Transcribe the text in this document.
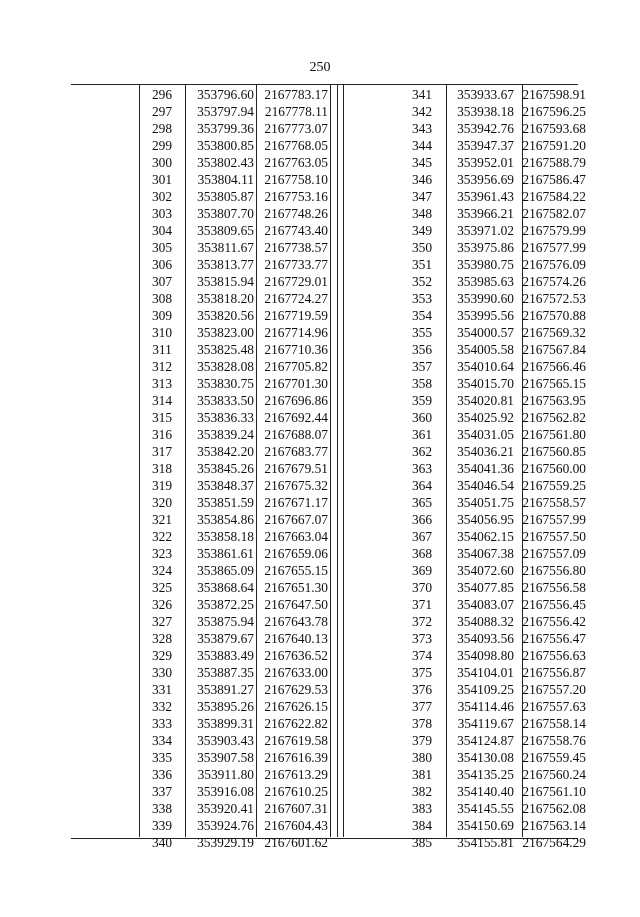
250
296	353796.60	2167783.17
297	353797.94	2167778.11
298	353799.36	2167773.07
299	353800.85	2167768.05
300	353802.43	2167763.05
301	353804.11	2167758.10
302	353805.87	2167753.16
303	353807.70	2167748.26
304	353809.65	2167743.40
305	353811.67	2167738.57
306	353813.77	2167733.77
307	353815.94	2167729.01
308	353818.20	2167724.27
309	353820.56	2167719.59
310	353823.00	2167714.96
311	353825.48	2167710.36
312	353828.08	2167705.82
313	353830.75	2167701.30
314	353833.50	2167696.86
315	353836.33	2167692.44
316	353839.24	2167688.07
317	353842.20	2167683.77
318	353845.26	2167679.51
319	353848.37	2167675.32
320	353851.59	2167671.17
321	353854.86	2167667.07
322	353858.18	2167663.04
323	353861.61	2167659.06
324	353865.09	2167655.15
325	353868.64	2167651.30
326	353872.25	2167647.50
327	353875.94	2167643.78
328	353879.67	2167640.13
329	353883.49	2167636.52
330	353887.35	2167633.00
331	353891.27	2167629.53
332	353895.26	2167626.15
333	353899.31	2167622.82
334	353903.43	2167619.58
335	353907.58	2167616.39
336	353911.80	2167613.29
337	353916.08	2167610.25
338	353920.41	2167607.31
339	353924.76	2167604.43
340	353929.19	2167601.62
341	353933.67	2167598.91
342	353938.18	2167596.25
343	353942.76	2167593.68
344	353947.37	2167591.20
345	353952.01	2167588.79
346	353956.69	2167586.47
347	353961.43	2167584.22
348	353966.21	2167582.07
349	353971.02	2167579.99
350	353975.86	2167577.99
351	353980.75	2167576.09
352	353985.63	2167574.26
353	353990.60	2167572.53
354	353995.56	2167570.88
355	354000.57	2167569.32
356	354005.58	2167567.84
357	354010.64	2167566.46
358	354015.70	2167565.15
359	354020.81	2167563.95
360	354025.92	2167562.82
361	354031.05	2167561.80
362	354036.21	2167560.85
363	354041.36	2167560.00
364	354046.54	2167559.25
365	354051.75	2167558.57
366	354056.95	2167557.99
367	354062.15	2167557.50
368	354067.38	2167557.09
369	354072.60	2167556.80
370	354077.85	2167556.58
371	354083.07	2167556.45
372	354088.32	2167556.42
373	354093.56	2167556.47
374	354098.80	2167556.63
375	354104.01	2167556.87
376	354109.25	2167557.20
377	354114.46	2167557.63
378	354119.67	2167558.14
379	354124.87	2167558.76
380	354130.08	2167559.45
381	354135.25	2167560.24
382	354140.40	2167561.10
383	354145.55	2167562.08
384	354150.69	2167563.14
385	354155.81	2167564.29
